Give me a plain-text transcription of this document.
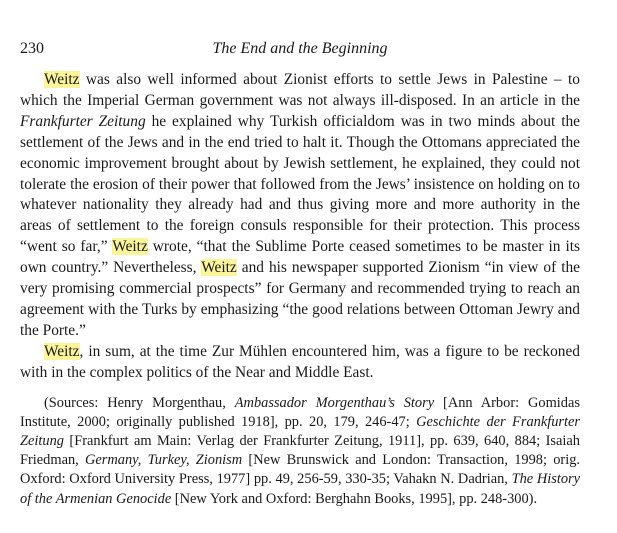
230	The End and the Beginning

Weitz was also well informed about Zionist efforts to settle Jews in Palestine – to which the Imperial German government was not always ill-disposed. In an article in the Frankfurter Zeitung he explained why Turkish officialdom was in two minds about the settlement of the Jews and in the end tried to halt it. Though the Ottomans appreciated the economic improvement brought about by Jewish settlement, he explained, they could not tolerate the erosion of their power that followed from the Jews’ insistence on holding on to whatever nationality they already had and thus giving more and more authority in the areas of settlement to the foreign consuls responsible for their protection. This process “went so far,” Weitz wrote, “that the Sublime Porte ceased sometimes to be master in its own country.” Nevertheless, Weitz and his newspaper supported Zionism “in view of the very promising commercial prospects” for Germany and recommended trying to reach an agreement with the Turks by emphasizing “the good relations between Ottoman Jewry and the Porte.”

Weitz, in sum, at the time Zur Mühlen encountered him, was a figure to be reckoned with in the complex politics of the Near and Middle East.

(Sources: Henry Morgenthau, Ambassador Morgenthau’s Story [Ann Arbor: Gomidas Institute, 2000; originally published 1918], pp. 20, 179, 246-47; Geschichte der Frankfurter Zeitung [Frankfurt am Main: Verlag der Frankfurter Zeitung, 1911], pp. 639, 640, 884; Isaiah Friedman, Germany, Turkey, Zionism [New Brunswick and London: Transaction, 1998; orig. Oxford: Oxford University Press, 1977] pp. 49, 256-59, 330-35; Vahakn N. Dadrian, The History of the Armenian Genocide [New York and Oxford: Berghahn Books, 1995], pp. 248-300).
